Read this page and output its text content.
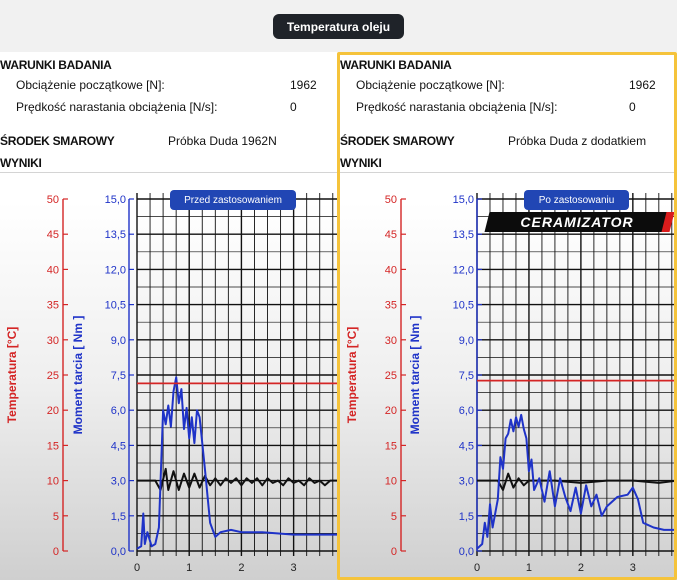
Temperatura oleju
WARUNKI BADANIA
Obciążenie początkowe [N]:	1962
Prędkość narastania obciążenia [N/s]:	0
ŚRODEK SMAROWY	Próbka Duda 1962N
WYNIKI
0	1	2	3
0,0
1,5
3,0
4,5
6,0
7,5
9,0
10,5
12,0
13,5
15,0
Moment tarcia [ Nm ]
0
5
10
15
20
25
30
35
40
45
50
Temperatura [°C]
Przed zastosowaniem
WARUNKI BADANIA
Obciążenie początkowe [N]:	1962
Prędkość narastania obciążenia [N/s]:	0
ŚRODEK SMAROWY	Próbka Duda z dodatkiem
WYNIKI
0	1	2	3
0,0
1,5
3,0
4,5
6,0
7,5
9,0
10,5
12,0
13,5
15,0
Moment tarcia [ Nm ]
0
5
10
15
20
25
30
35
40
45
50
Temperatura [°C]
Po zastosowaniu
CERAMIZATOR
